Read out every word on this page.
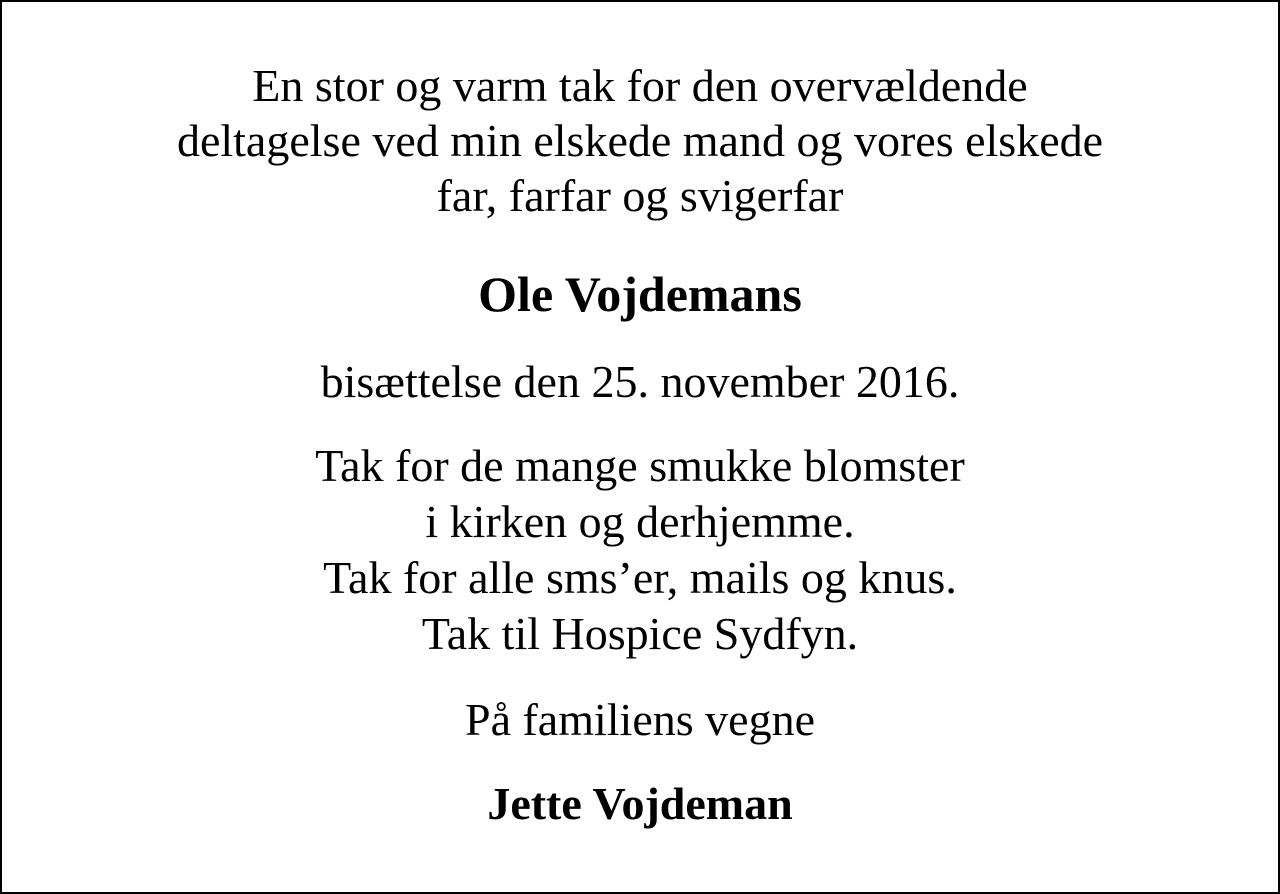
En stor og varm tak for den overvældende
deltagelse ved min elskede mand og vores elskede
far, farfar og svigerfar
Ole Vojdemans
bisættelse den 25. november 2016.
Tak for de mange smukke blomster
i kirken og derhjemme.
Tak for alle sms’er, mails og knus.
Tak til Hospice Sydfyn.
På familiens vegne
Jette Vojdeman
